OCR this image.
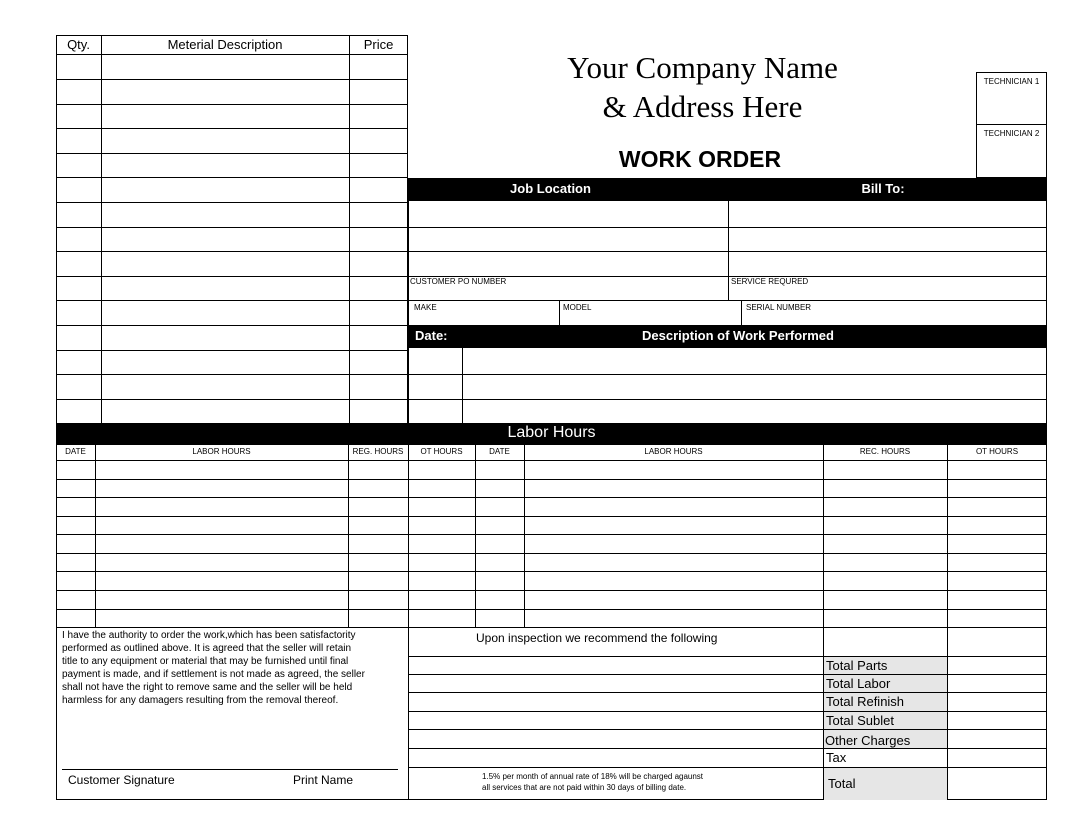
Qty.	Meterial Description	Price
Your Company Name
& Address Here
WORK ORDER
TECHNICIAN 1
TECHNICIAN 2
Job Location	Bill To:
CUSTOMER PO NUMBER	SERVICE REQURED
MAKE	MODEL	SERIAL NUMBER
Date:	Description of Work Performed
Labor Hours
DATE	LABOR HOURS	REG. HOURS	OT HOURS	DATE	LABOR HOURS	REC. HOURS	OT HOURS
I have the authority to order the work,which has been satisfactority
performed as outlined above. It is agreed that the seller will retain
title to any equipment or material that may be furnished until final
payment is made, and if settlement is not made as agreed, the seller
shall not have the right to remove same and the seller will be held
harmless for any damagers resulting from the removal thereof.
Customer Signature	Print Name
Upon inspection we recommend the following
Total Parts
Total Labor
Total Refinish
Total Sublet
Other Charges
Tax
Total
1.5% per month of annual rate of 18% will be charged agaunst
all services that are not paid within 30 days of billing date.
